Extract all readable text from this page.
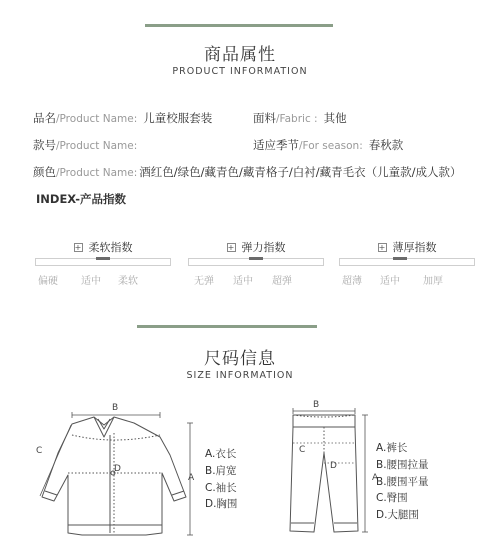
商品属性
PRODUCT INFORMATION
品名/Product Name: 儿童校服套装	面料/Fabric : 其他
款号/Product Name:	适应季节/For season: 春秋款
颜色/Product Name: 酒红色/绿色/藏青色/藏青格子/白衬/藏青毛衣（儿童款/成人款）
INDEX-产品指数
+ 柔软指数
偏硬 适中 柔软
+ 弹力指数
无弹 适中 超弹
+ 薄厚指数
超薄 适中 加厚
尺码信息
SIZE INFORMATION
B
A
C
D
A.衣长
B.肩宽
C.袖长
D.胸围
B
A
C
D
A.裤长
B.腰围拉量
B.腰围平量
C.臀围
D.大腿围
